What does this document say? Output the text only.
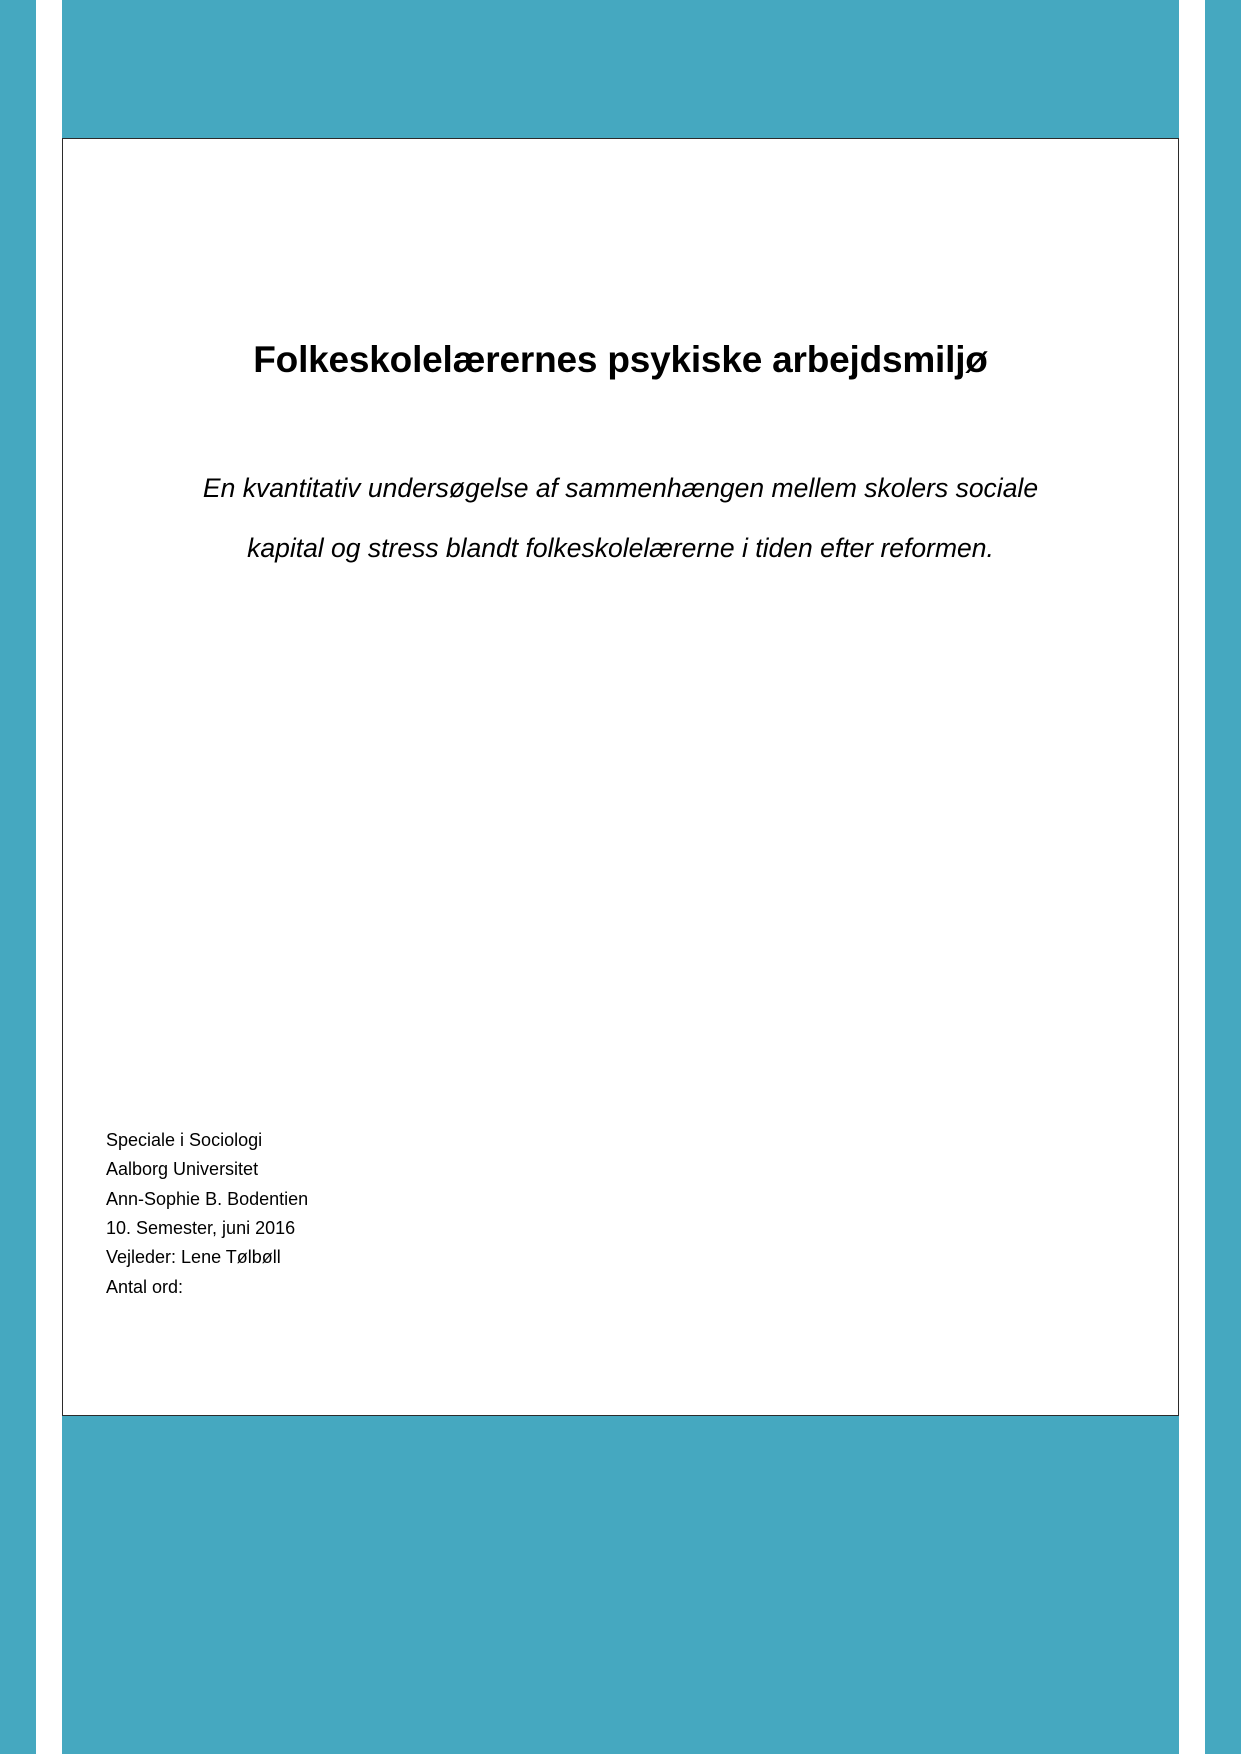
Folkeskolelærernes psykiske arbejdsmiljø
En kvantitativ undersøgelse af sammenhængen mellem skolers sociale
kapital og stress blandt folkeskolelærerne i tiden efter reformen.
Speciale i Sociologi
Aalborg Universitet
Ann-Sophie B. Bodentien
10. Semester, juni 2016
Vejleder: Lene Tølbøll
Antal ord:
